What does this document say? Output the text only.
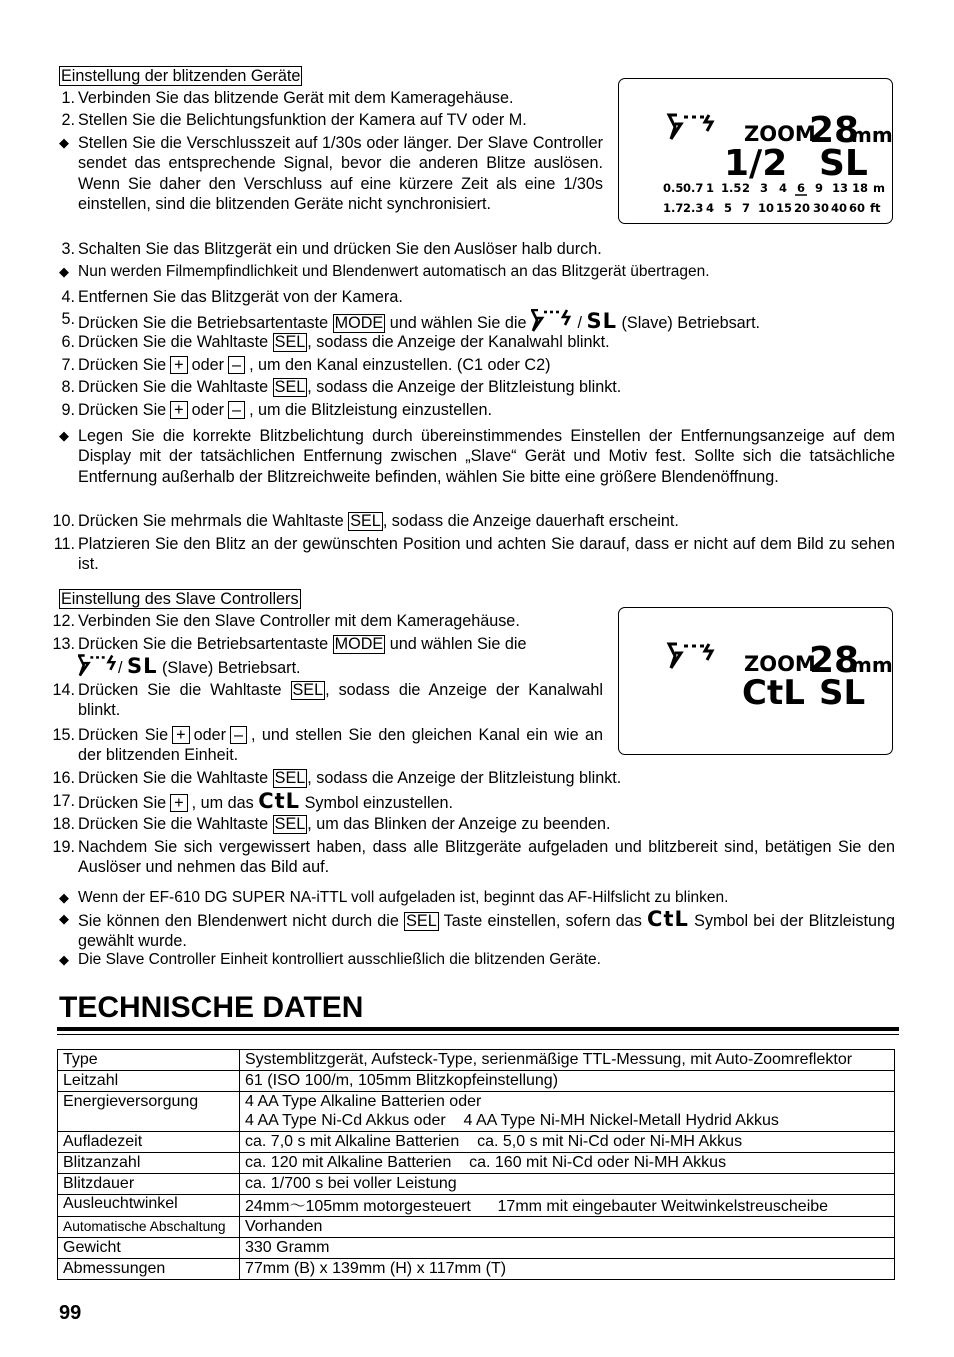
Einstellung der blitzenden Geräte
1. Verbinden Sie das blitzende Gerät mit dem Kameragehäuse.
2. Stellen Sie die Belichtungsfunktion der Kamera auf TV oder M.
◆ Stellen Sie die Verschlusszeit auf 1/30s oder länger. Der Slave Controller sendet das entsprechende Signal, bevor die anderen Blitze auslösen. Wenn Sie daher den Verschluss auf eine kürzere Zeit als eine 1/30s einstellen, sind die blitzenden Geräte nicht synchronisiert.
ZOOM
28
mm
1/2 SL
0.5 0.7 1 1.5 2 3 4 6 9 13 18 m
1.7 2.3 4 5 7 10 15 20 30 40 60 ft
3. Schalten Sie das Blitzgerät ein und drücken Sie den Auslöser halb durch.
◆ Nun werden Filmempfindlichkeit und Blendenwert automatisch an das Blitzgerät übertragen.
4. Entfernen Sie das Blitzgerät von der Kamera.
5. Drücken Sie die Betriebsartentaste MODE und wählen Sie die	/ SL (Slave) Betriebsart.
6. Drücken Sie die Wahltaste SEL , sodass die Anzeige der Kanalwahl blinkt.
7. Drücken Sie + oder – , um den Kanal einzustellen. (C1 oder C2)
8. Drücken Sie die Wahltaste SEL , sodass die Anzeige der Blitzleistung blinkt.
9. Drücken Sie + oder – , um die Blitzleistung einzustellen.
◆ Legen Sie die korrekte Blitzbelichtung durch übereinstimmendes Einstellen der Entfernungsanzeige auf dem Display mit der tatsächlichen Entfernung zwischen „Slave“ Gerät und Motiv fest. Sollte sich die tatsächliche Entfernung außerhalb der Blitzreichweite befinden, wählen Sie bitte eine größere Blendenöffnung.
10. Drücken Sie mehrmals die Wahltaste SEL , sodass die Anzeige dauerhaft erscheint.
11. Platzieren Sie den Blitz an der gewünschten Position und achten Sie darauf, dass er nicht auf dem Bild zu sehen ist.
Einstellung des Slave Controllers
12. Verbinden Sie den Slave Controller mit dem Kameragehäuse.
13. Drücken Sie die Betriebsartentaste MODE und wählen Sie die
/ SL (Slave) Betriebsart.	ZOOM
28
mm
CtL SL
14. Drücken Sie die Wahltaste SEL , sodass die Anzeige der Kanalwahl blinkt.
15. Drücken Sie + oder – , und stellen Sie den gleichen Kanal ein wie an der blitzenden Einheit.
16. Drücken Sie die Wahltaste SEL , sodass die Anzeige der Blitzleistung blinkt.
17. Drücken Sie + , um das CtL Symbol einzustellen.
18. Drücken Sie die Wahltaste SEL , um das Blinken der Anzeige zu beenden.
19. Nachdem Sie sich vergewissert haben, dass alle Blitzgeräte aufgeladen und blitzbereit sind, betätigen Sie den Auslöser und nehmen das Bild auf.
◆ Wenn der EF-610 DG SUPER NA-iTTL voll aufgeladen ist, beginnt das AF-Hilfslicht zu blinken.
◆ Sie können den Blendenwert nicht durch die SEL Taste einstellen, sofern das CtL Symbol bei der Blitzleistung gewählt wurde.
◆ Die Slave Controller Einheit kontrolliert ausschließlich die blitzenden Geräte.
TECHNISCHE DATEN
Type	Systemblitzgerät, Aufsteck-Type, serienmäßige TTL-Messung, mit Auto-Zoomreflektor
Leitzahl	61 (ISO 100/m, 105mm Blitzkopfeinstellung)
Energieversorgung	4 AA Type Alkaline Batterien oder
4 AA Type Ni-Cd Akkus oder    4 AA Type Ni-MH Nickel-Metall Hydrid Akkus

Aufladezeit	ca. 7,0 s mit Alkaline Batterien    ca. 5,0 s mit Ni-Cd oder Ni-MH Akkus
Blitzanzahl	ca. 120 mit Alkaline Batterien    ca. 160 mit Ni-Cd oder Ni-MH Akkus
Blitzdauer	ca. 1/700 s bei voller Leistung
Ausleuchtwinkel	24mm～105mm motorgesteuert      17mm mit eingebauter Weitwinkelstreuscheibe
Automatische Abschaltung	Vorhanden
Gewicht	330 Gramm
Abmessungen	77mm (B) x 139mm (H) x 117mm (T)
99
